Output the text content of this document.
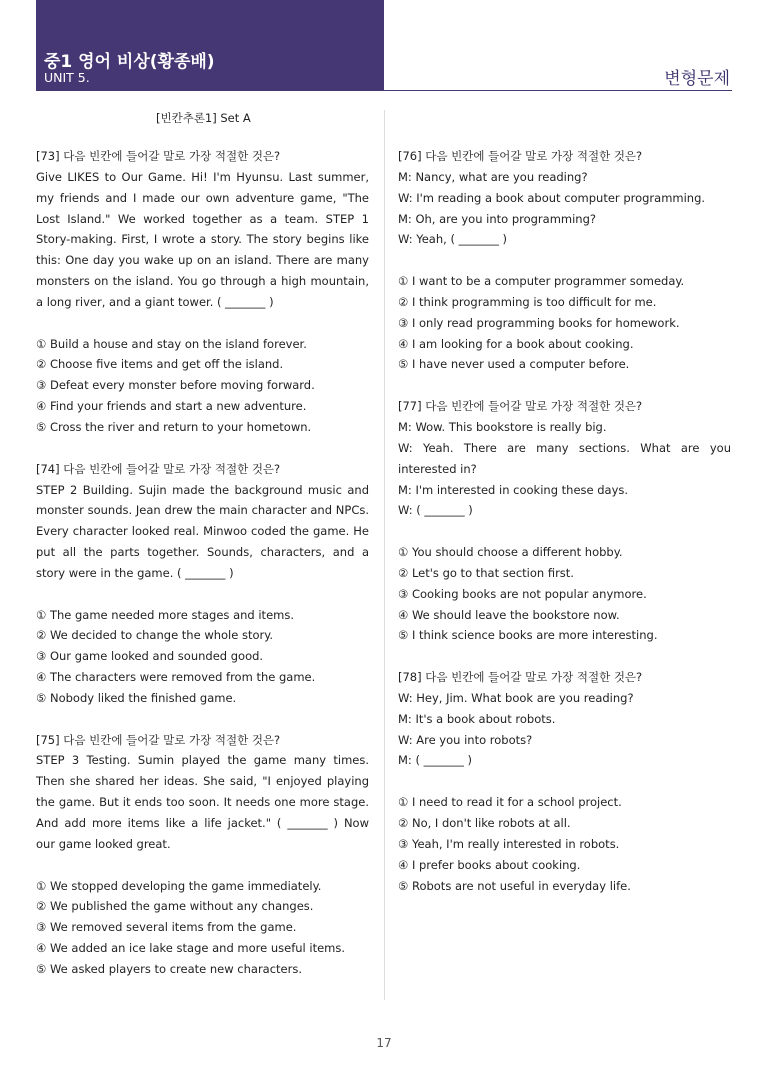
중1 영어 비상(황종배)
UNIT 5.	변형문제
[빈칸추론1] Set A
[73] 다음 빈칸에 들어갈 말로 가장 적절한 것은?
Give LIKES to Our Game. Hi! I'm Hyunsu. Last summer,
my friends and I made our own adventure game, "The
Lost Island." We worked together as a team. STEP 1
Story-making. First, I wrote a story. The story begins like
this: One day you wake up on an island. There are many
monsters on the island. You go through a high mountain,
a long river, and a giant tower. ( _______ )
① Build a house and stay on the island forever.
② Choose five items and get off the island.
③ Defeat every monster before moving forward.
④ Find your friends and start a new adventure.
⑤ Cross the river and return to your hometown.
[74] 다음 빈칸에 들어갈 말로 가장 적절한 것은?
STEP 2 Building. Sujin made the background music and
monster sounds. Jean drew the main character and NPCs.
Every character looked real. Minwoo coded the game. He
put all the parts together. Sounds, characters, and a
story were in the game. ( _______ )
① The game needed more stages and items.
② We decided to change the whole story.
③ Our game looked and sounded good.
④ The characters were removed from the game.
⑤ Nobody liked the finished game.
[75] 다음 빈칸에 들어갈 말로 가장 적절한 것은?
STEP 3 Testing. Sumin played the game many times.
Then she shared her ideas. She said, "I enjoyed playing
the game. But it ends too soon. It needs one more stage.
And add more items like a life jacket." ( _______ ) Now
our game looked great.
① We stopped developing the game immediately.
② We published the game without any changes.
③ We removed several items from the game.
④ We added an ice lake stage and more useful items.
⑤ We asked players to create new characters.
[76] 다음 빈칸에 들어갈 말로 가장 적절한 것은?
M: Nancy, what are you reading?
W: I'm reading a book about computer programming.
M: Oh, are you into programming?
W: Yeah, ( _______ )
① I want to be a computer programmer someday.
② I think programming is too difficult for me.
③ I only read programming books for homework.
④ I am looking for a book about cooking.
⑤ I have never used a computer before.
[77] 다음 빈칸에 들어갈 말로 가장 적절한 것은?
M: Wow. This bookstore is really big.
W: Yeah. There are many sections. What are you
interested in?
M: I'm interested in cooking these days.
W: ( _______ )
① You should choose a different hobby.
② Let's go to that section first.
③ Cooking books are not popular anymore.
④ We should leave the bookstore now.
⑤ I think science books are more interesting.
[78] 다음 빈칸에 들어갈 말로 가장 적절한 것은?
W: Hey, Jim. What book are you reading?
M: It's a book about robots.
W: Are you into robots?
M: ( _______ )
① I need to read it for a school project.
② No, I don't like robots at all.
③ Yeah, I'm really interested in robots.
④ I prefer books about cooking.
⑤ Robots are not useful in everyday life.
17
